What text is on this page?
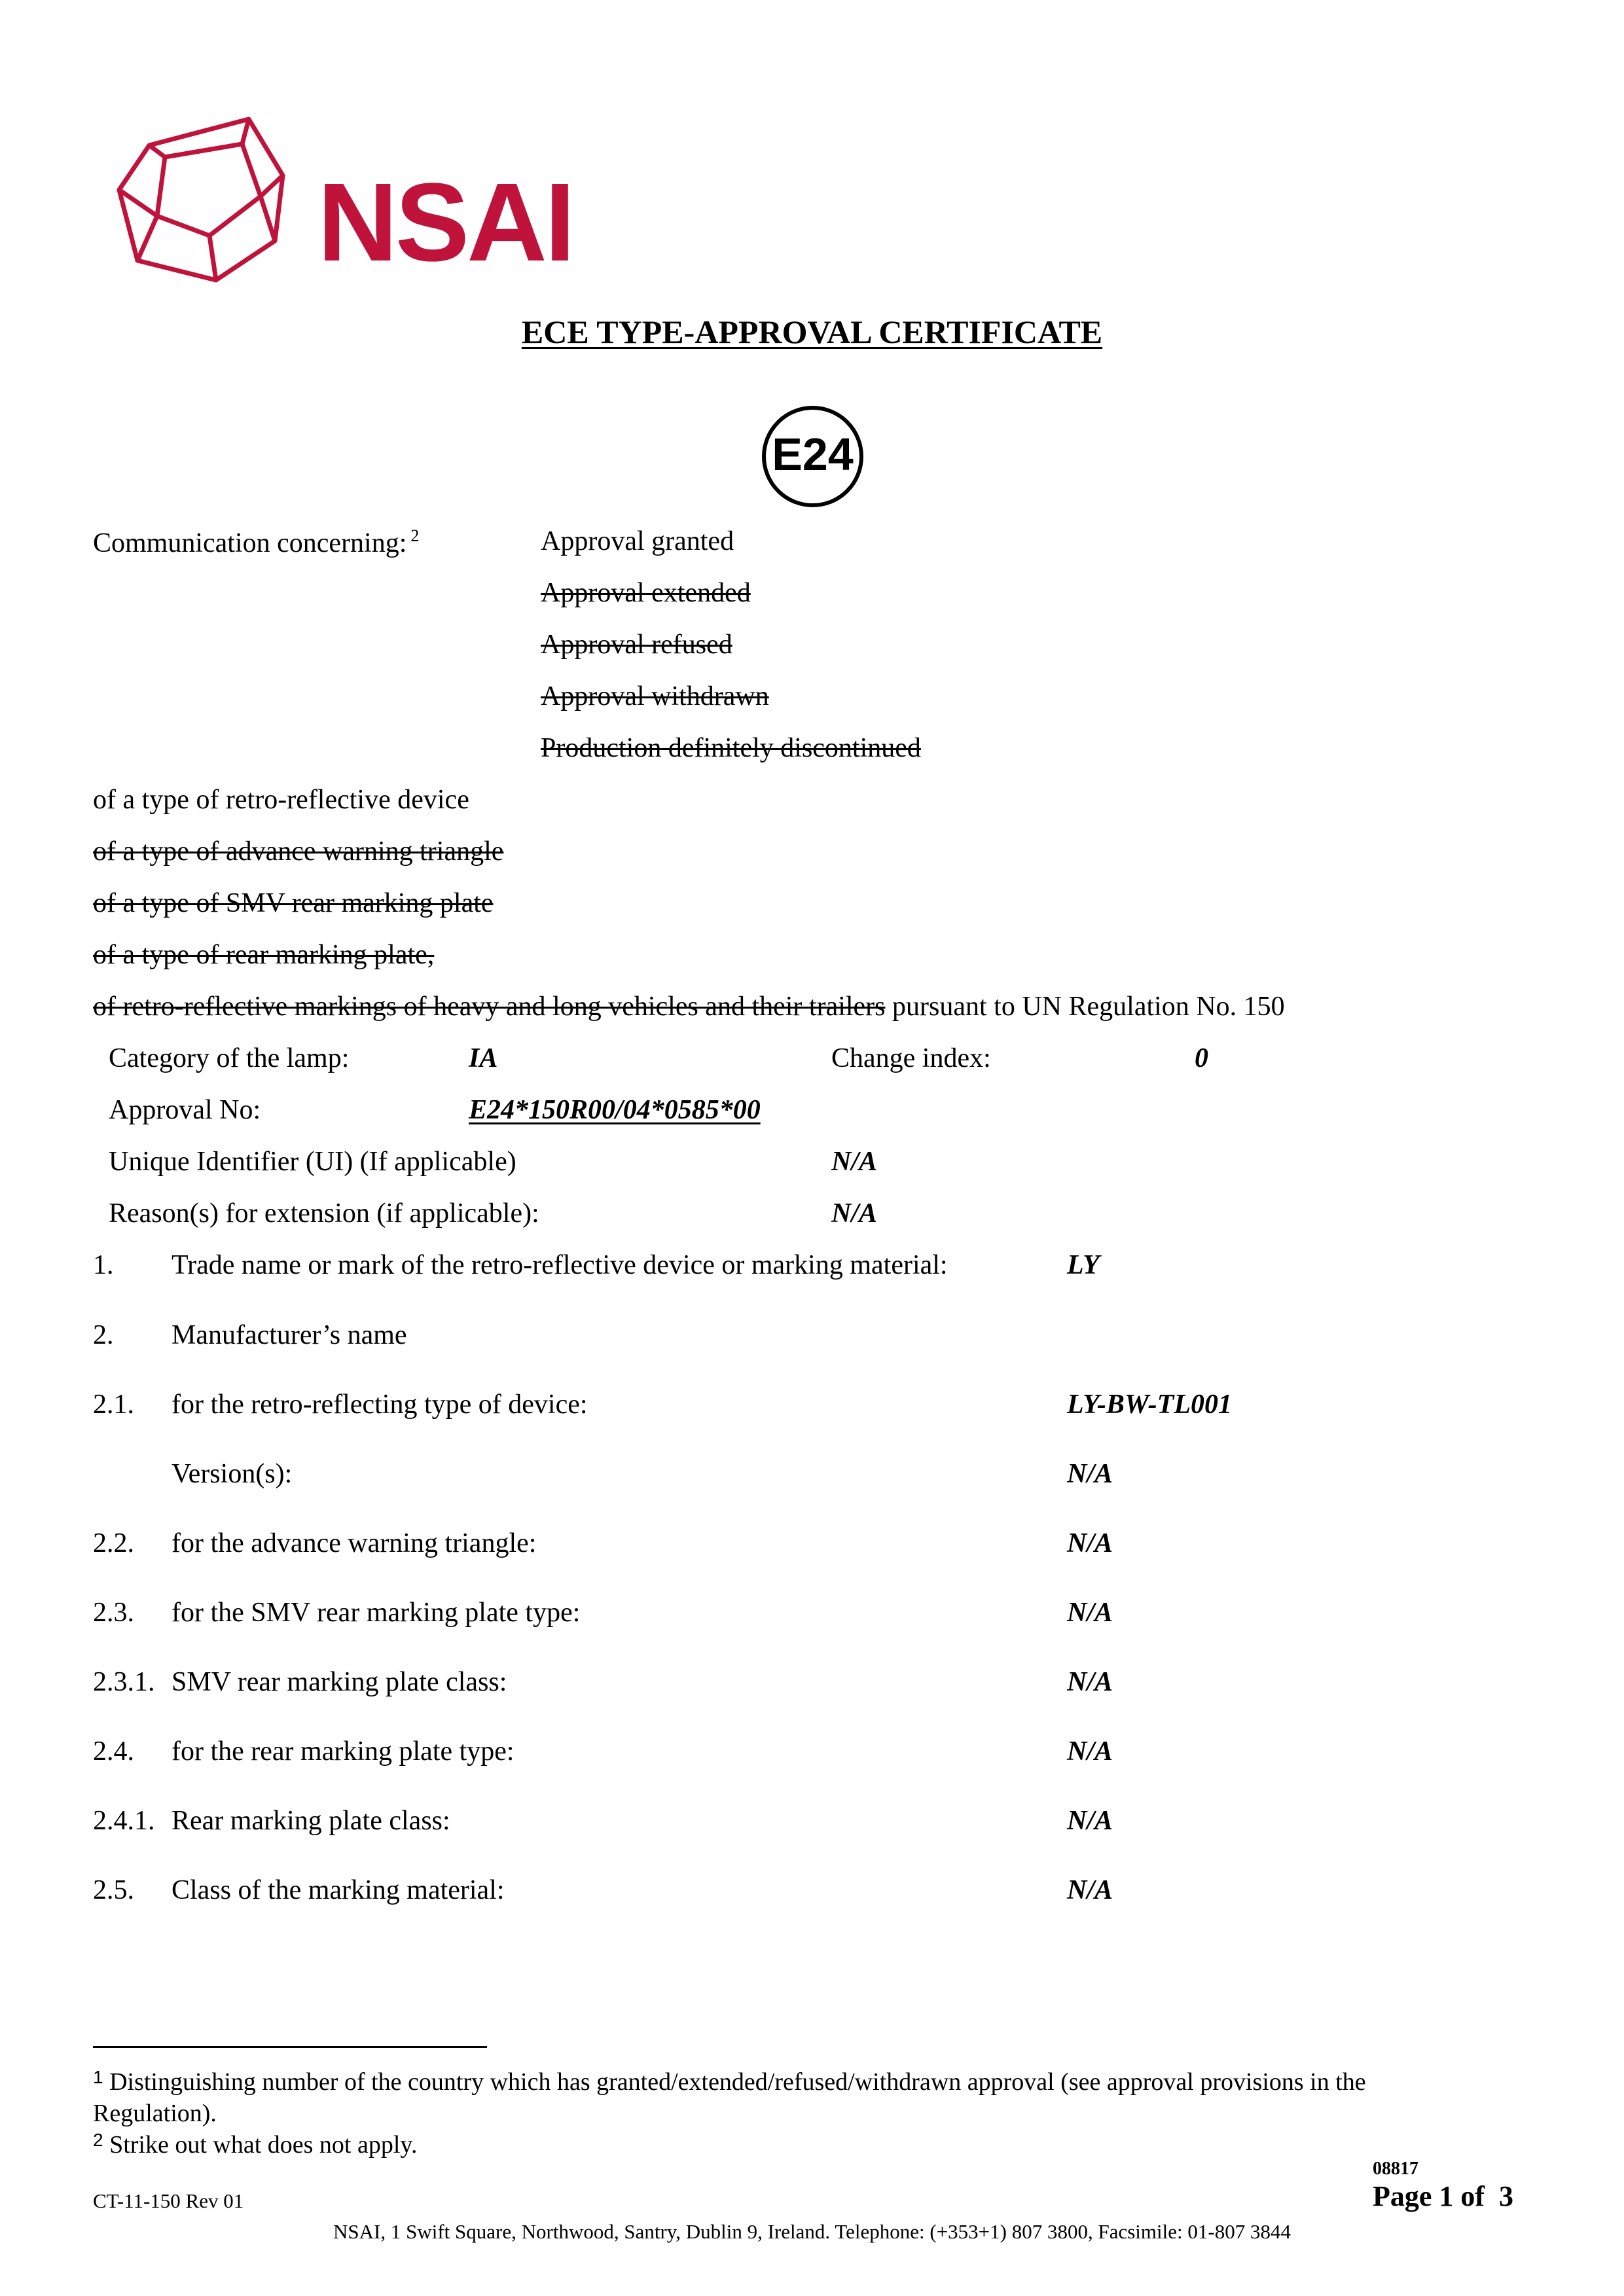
NSAI
ECE TYPE-APPROVAL CERTIFICATE
E24
Communication concerning: $^2$	Approval granted
Approval extended
Approval refused
Approval withdrawn
Production definitely discontinued
of a type of retro-reflective device
of a type of advance warning triangle
of a type of SMV rear marking plate
of a type of rear marking plate,
of retro-reflective markings of heavy and long vehicles and their trailers pursuant to UN Regulation No. 150
Category of the lamp:	IA	Change index:	0
Approval No:	E24*150R00/04*0585*00
Unique Identifier (UI) (If applicable)	N/A
Reason(s) for extension (if applicable):	N/A
1. Trade name or mark of the retro-reflective device or marking material:	LY
2. Manufacturer’s name
2.1. for the retro-reflecting type of device:	LY-BW-TL001
Version(s):	N/A
2.2. for the advance warning triangle:	N/A
2.3. for the SMV rear marking plate type:	N/A
2.3.1. SMV rear marking plate class:	N/A
2.4. for the rear marking plate type:	N/A
2.4.1. Rear marking plate class:	N/A
2.5. Class of the marking material:	N/A
$^1$ Distinguishing number of the country which has granted/extended/refused/withdrawn approval (see approval provisions in the
Regulation).
$^2$ Strike out what does not apply.
08817
CT-11-150 Rev 01	Page 1 of  3
NSAI, 1 Swift Square, Northwood, Santry, Dublin 9, Ireland. Telephone: (+353+1) 807 3800, Facsimile: 01-807 3844
